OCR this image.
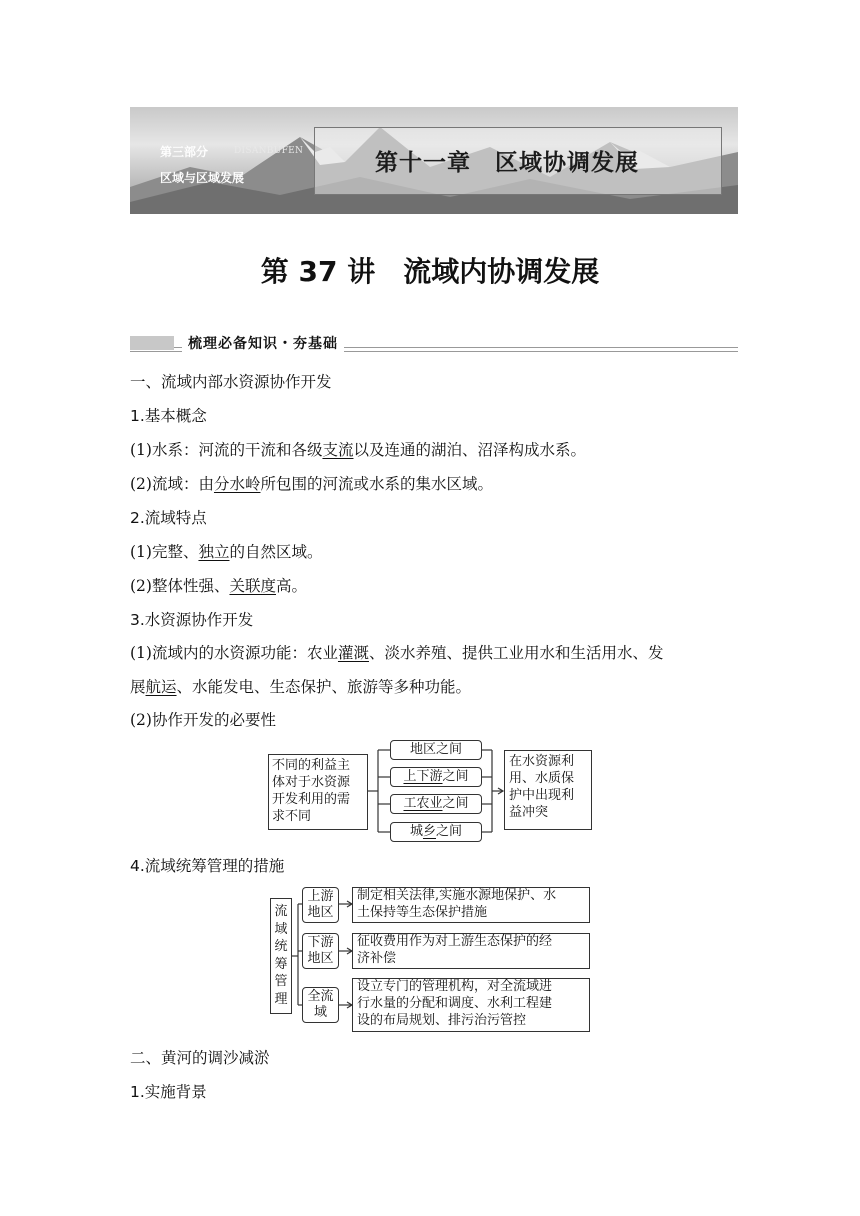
第三部分	DISANBUFEN
区域与区域发展
第十一章　区域协调发展
第 37 讲　流域内协调发展
梳理必备知识・夯基础
一、流域内部水资源协作开发
1.基本概念
(1)水系：河流的干流和各级支流以及连通的湖泊、沼泽构成水系。
(2)流域：由分水岭所包围的河流或水系的集水区域。
2.流域特点
(1)完整、独立的自然区域。
(2)整体性强、关联度高。
3.水资源协作开发
(1)流域内的水资源功能：农业灌溉、淡水养殖、提供工业用水和生活用水、发
展航运、水能发电、生态保护、旅游等多种功能。
(2)协作开发的必要性
不同的利益主
体对于水资源
开发利用的需
求不同
地区之间
上下游之间
工农业之间
城乡之间
在水资源利
用、水质保
护中出现利
益冲突
4.流域统筹管理的措施
流
域
统
筹
管
理
上游
地区
下游
地区
全流
域
制定相关法律,实施水源地保护、水
土保持等生态保护措施
征收费用作为对上游生态保护的经
济补偿
设立专门的管理机构，对全流域进
行水量的分配和调度、水利工程建
设的布局规划、排污治污管控
二、黄河的调沙减淤
1.实施背景
